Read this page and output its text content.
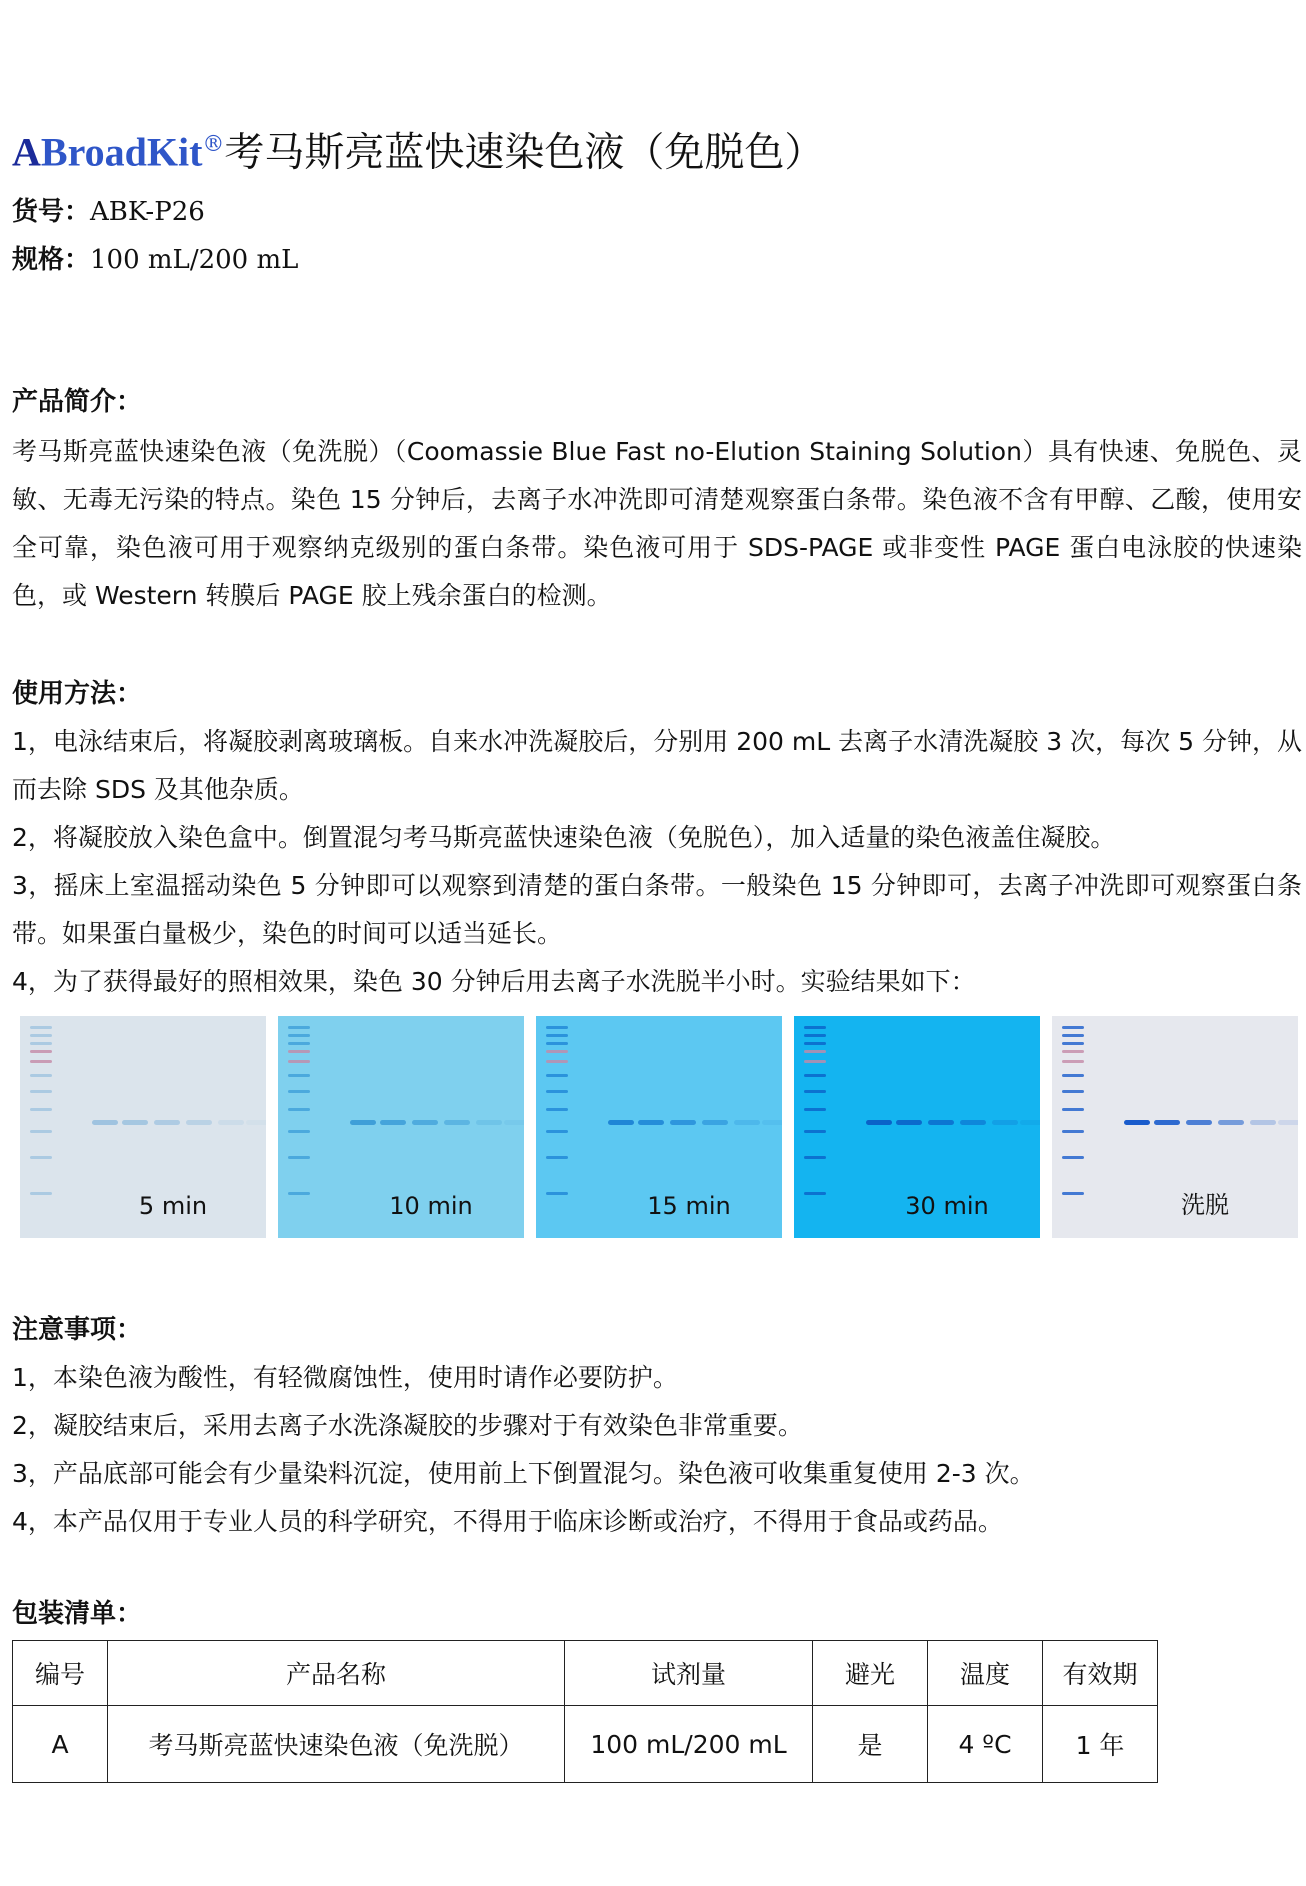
ABroadKit®考马斯亮蓝快速染色液（免脱色）
货号：ABK-P26
规格：100 mL/200 mL
产品简介：

考马斯亮蓝快速染色液（免洗脱）（Coomassie Blue Fast no-Elution Staining Solution）具有快速、免脱色、灵敏、无毒无污染的特点。染色 15 分钟后，去离子水冲洗即可清楚观察蛋白条带。染色液不含有甲醇、乙酸，使用安全可靠，染色液可用于观察纳克级别的蛋白条带。染色液可用于 SDS-PAGE 或非变性 PAGE 蛋白电泳胶的快速染色，或 Western 转膜后 PAGE 胶上残余蛋白的检测。

使用方法：

1，电泳结束后，将凝胶剥离玻璃板。自来水冲洗凝胶后，分别用 200 mL 去离子水清洗凝胶 3 次，每次 5 分钟，从而去除 SDS 及其他杂质。

2，将凝胶放入染色盒中。倒置混匀考马斯亮蓝快速染色液（免脱色），加入适量的染色液盖住凝胶。

3，摇床上室温摇动染色 5 分钟即可以观察到清楚的蛋白条带。一般染色 15 分钟即可，去离子冲洗即可观察蛋白条带。如果蛋白量极少，染色的时间可以适当延长。

4，为了获得最好的照相效果，染色 30 分钟后用去离子水洗脱半小时。实验结果如下：

5 min	10 min	15 min	30 min	洗脱
注意事项：

1，本染色液为酸性，有轻微腐蚀性，使用时请作必要防护。

2，凝胶结束后，采用去离子水洗涤凝胶的步骤对于有效染色非常重要。

3，产品底部可能会有少量染料沉淀，使用前上下倒置混匀。染色液可收集重复使用 2-3 次。

4，本产品仅用于专业人员的科学研究，不得用于临床诊断或治疗，不得用于食品或药品。

包装清单：
编号	产品名称	试剂量	避光	温度	有效期
A	考马斯亮蓝快速染色液（免洗脱）	100 mL/200 mL	是	4 ºC	1 年
